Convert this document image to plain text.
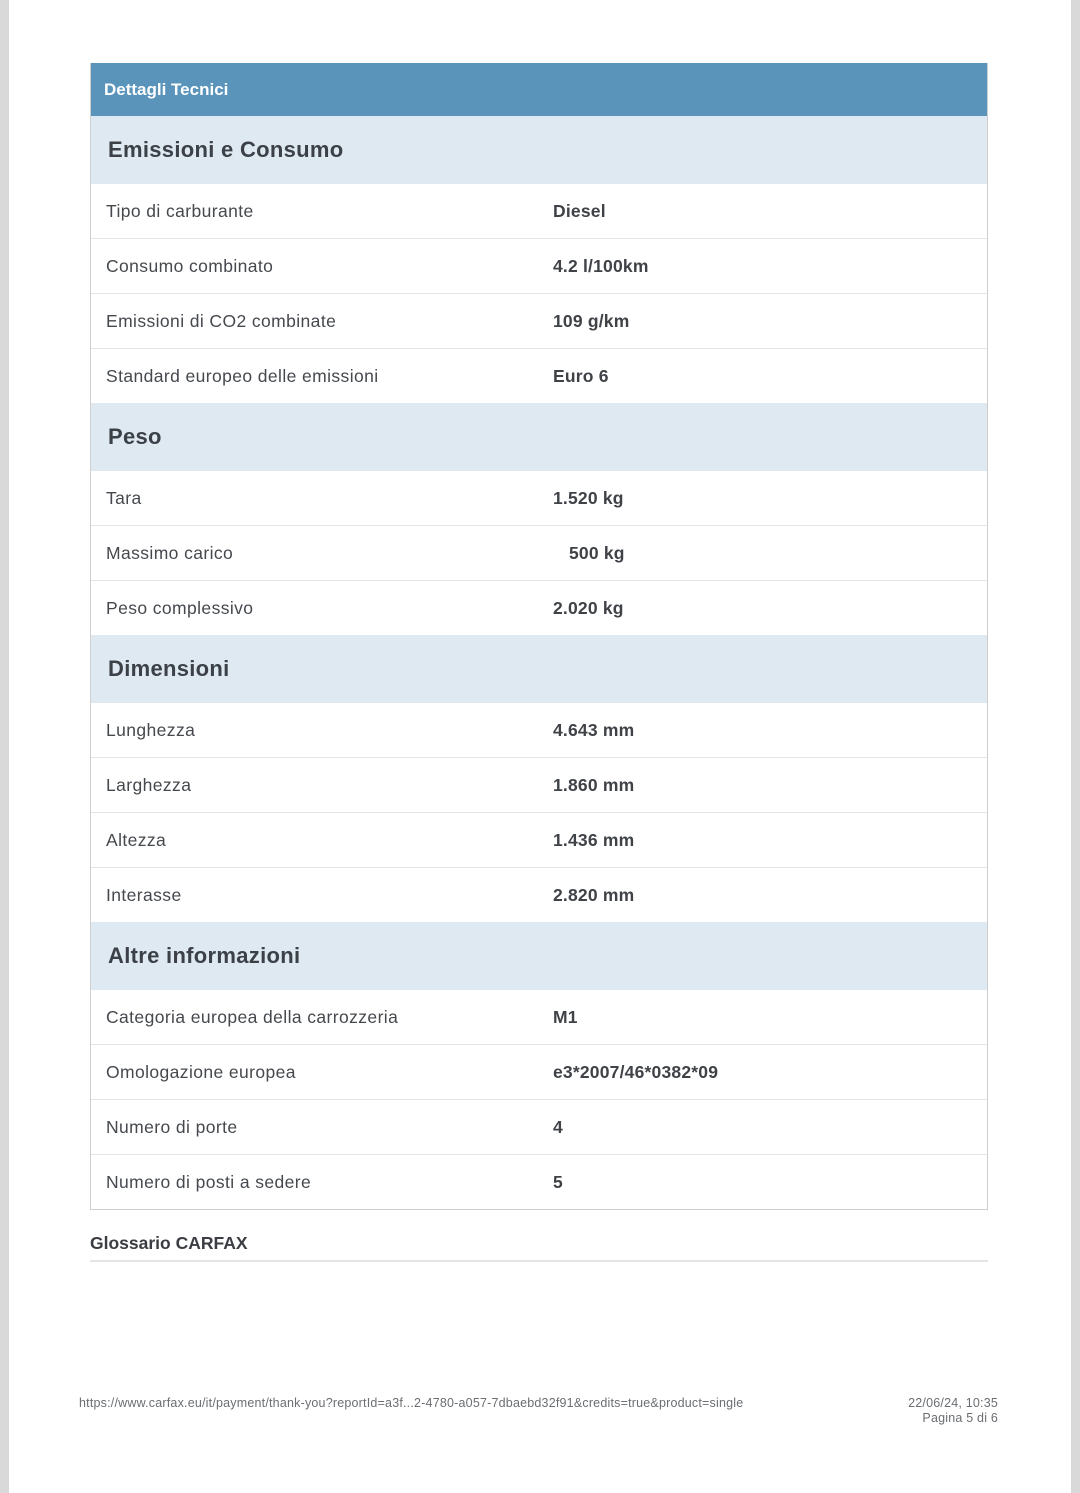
Dettagli Tecnici
Emissioni e Consumo
Tipo di carburante	Diesel
Consumo combinato	4.2 l/100km
Emissioni di CO2 combinate	109 g/km
Standard europeo delle emissioni	Euro 6
Peso
Tara	1.520 kg
Massimo carico	500 kg
Peso complessivo	2.020 kg
Dimensioni
Lunghezza	4.643 mm
Larghezza	1.860 mm
Altezza	1.436 mm
Interasse	2.820 mm
Altre informazioni
Categoria europea della carrozzeria	M1
Omologazione europea	e3*2007/46*0382*09
Numero di porte	4
Numero di posti a sedere	5
Glossario CARFAX
https://www.carfax.eu/it/payment/thank-you?reportId=a3f...2-4780-a057-7dbaebd32f91&credits=true&product=single	22/06/24, 10:35
Pagina 5 di 6
